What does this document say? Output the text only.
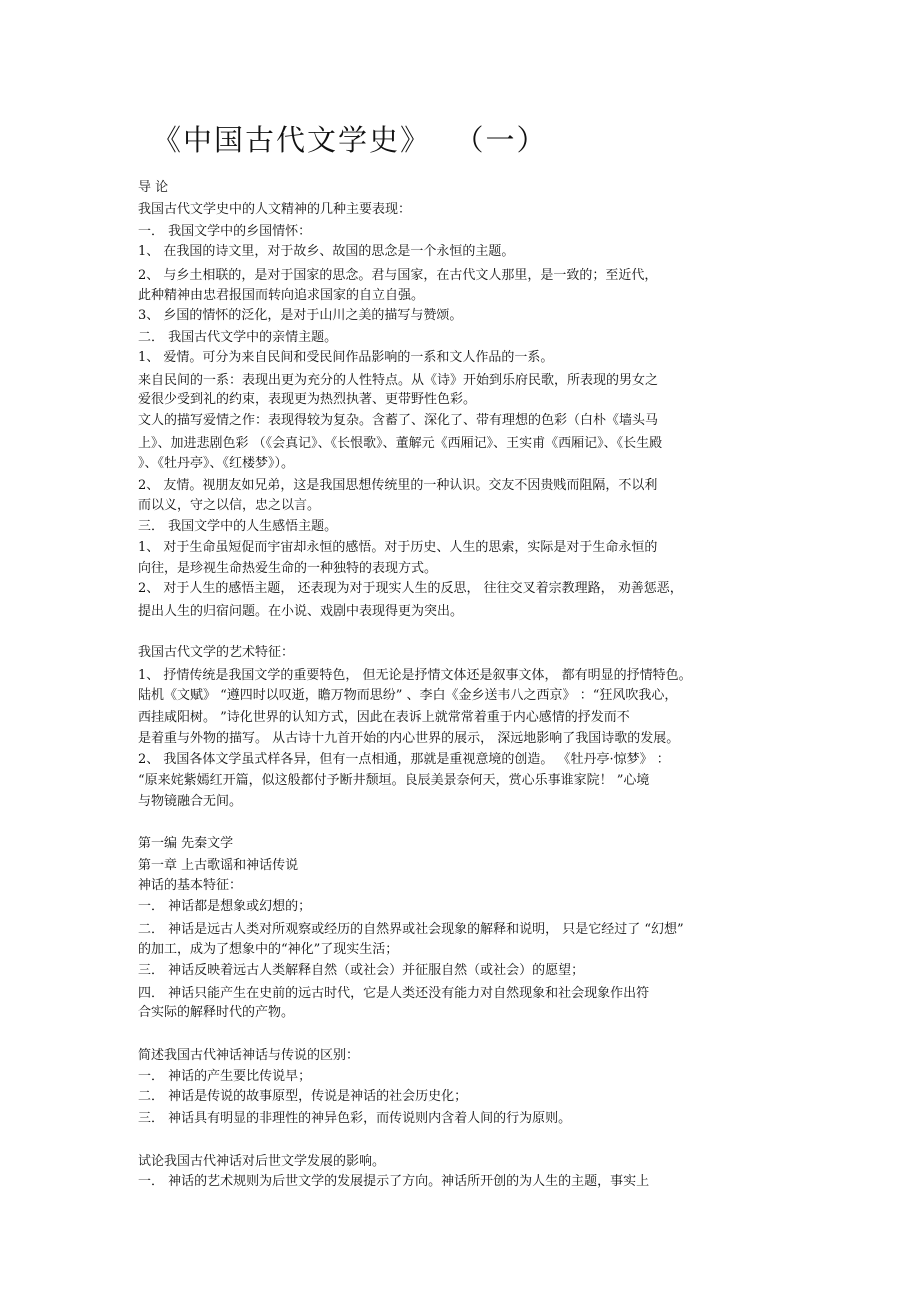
《中国古代文学史》 （一）
导 论
我国古代文学史中的人文精神的几种主要表现：
一． 我国文学中的乡国情怀：
1、 在我国的诗文里，对于故乡、故国的思念是一个永恒的主题。
2、 与乡土相联的，是对于国家的思念。君与国家，在古代文人那里，是一致的；至近代，
此种精神由忠君报国而转向追求国家的自立自强。
3、 乡国的情怀的泛化，是对于山川之美的描写与赞颂。
二． 我国古代文学中的亲情主题。
1、 爱情。可分为来自民间和受民间作品影响的一系和文人作品的一系。
来自民间的一系：表现出更为充分的人性特点。从《诗》开始到乐府民歌，所表现的男女之
爱很少受到礼的约束，表现更为热烈执著、更带野性色彩。
文人的描写爱情之作：表现得较为复杂。含蓄了、深化了、带有理想的色彩（白朴《墙头马
上》、加进悲剧色彩 （《会真记》、《长恨歌》、董解元《西厢记》、王实甫《西厢记》、《长生殿
》、《牡丹亭》、《红楼梦》）。
2、 友情。视朋友如兄弟，这是我国思想传统里的一种认识。交友不因贵贱而阻隔，不以利
而以义，守之以信，忠之以言。
三． 我国文学中的人生感悟主题。
1、 对于生命虽短促而宇宙却永恒的感悟。对于历史、人生的思索，实际是对于生命永恒的
向往，是珍视生命热爱生命的一种独特的表现方式。
2、 对于人生的感悟主题， 还表现为对于现实人生的反思， 往往交叉着宗教理路， 劝善惩恶，
提出人生的归宿问题。在小说、戏剧中表现得更为突出。
我国古代文学的艺术特征：
1、 抒情传统是我国文学的重要特色， 但无论是抒情文体还是叙事文体， 都有明显的抒情特色。
陆机《文赋》 “遵四时以叹逝，瞻万物而思纷” 、李白《金乡送韦八之西京》 ：“狂风吹我心，
西挂咸阳树。 ”诗化世界的认知方式，因此在表诉上就常常着重于内心感情的抒发而不
是着重与外物的描写。 从古诗十九首开始的内心世界的展示， 深远地影响了我国诗歌的发展。
2、 我国各体文学虽式样各异，但有一点相通，那就是重视意境的创造。 《牡丹亭·惊梦》 ：
“原来姹紫嫣红开篇，似这般都付予断井颓垣。良辰美景奈何天，赏心乐事谁家院！ ”心境
与物镜融合无间。
第一编 先秦文学
第一章 上古歌谣和神话传说
神话的基本特征：
一． 神话都是想象或幻想的；
二． 神话是远古人类对所观察或经历的自然界或社会现象的解释和说明， 只是它经过了 “幻想”
的加工，成为了想象中的“神化”了现实生活；
三． 神话反映着远古人类解释自然（或社会）并征服自然（或社会）的愿望；
四． 神话只能产生在史前的远古时代，它是人类还没有能力对自然现象和社会现象作出符
合实际的解释时代的产物。
简述我国古代神话神话与传说的区别：
一． 神话的产生要比传说早；
二． 神话是传说的故事原型，传说是神话的社会历史化；
三． 神话具有明显的非理性的神异色彩，而传说则内含着人间的行为原则。
试论我国古代神话对后世文学发展的影响。
一． 神话的艺术规则为后世文学的发展提示了方向。神话所开创的为人生的主题，事实上
